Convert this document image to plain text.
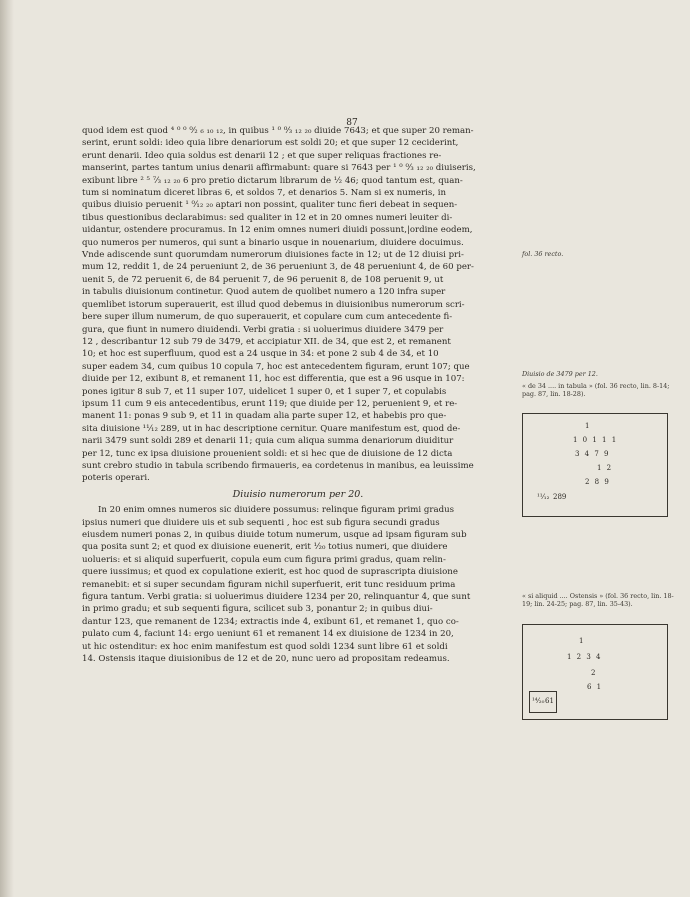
87

quod idem est quod ⁴ ⁰ ⁰ ⁰⁄₂ ₆ ₁₀ ₁₂, in quibus ¹ ⁰ ⁰⁄₃ ₁₂ ₂₀ diuide 7643; et que super 20 reman-

serint, erunt soldi: ideo quia libre denariorum est soldi 20; et que super 12 ceciderint,

erunt denarii. Ideo quia soldus est denarii 12 ; et que super reliquas fractiones re-

manserint, partes tantum unius denarii affirmabunt: quare si 7643 per ¹ ⁰ ⁰⁄₃ ₁₂ ₂₀ diuiseris,

exibunt libre ² ⁵ ⁷⁄₃ ₁₂ ₂₀ 6 pro pretio dictarum librarum de ¹⁄₂ 46; quod tantum est, quan-

tum si nominatum diceret libras 6, et soldos 7, et denarios 5. Nam si ex numeris, in

quibus diuisio peruenit ¹ ⁰⁄₁₂ ₂₀ aptari non possint, qualiter tunc fieri debeat in sequen-

tibus questionibus declarabimus: sed qualiter in 12 et in 20 omnes numeri leuiter di-

uidantur, ostendere procuramus. In 12 enim omnes numeri diuidi possunt,|ordine eodem,

quo numeros per numeros, qui sunt a binario usque in nouenarium, diuidere docuimus.

Vnde adiscende sunt quorumdam numerorum diuisiones facte in 12; ut de 12 diuisi pri-

mum 12, reddit 1, de 24 perueniunt 2, de 36 perueniunt 3, de 48 perueniunt 4, de 60 per-

uenit 5, de 72 peruenit 6, de 84 peruenit 7, de 96 peruenit 8, de 108 peruenit 9, ut

in tabulis diuisionum continetur. Quod autem de quolibet numero a 120 infra super

quemlibet istorum superauerit, est illud quod debemus in diuisionibus numerorum scri-

bere super illum numerum, de quo superauerit, et copulare cum cum antecedente fi-

gura, que fiunt in numero diuidendi. Verbi gratia : si uoluerimus diuidere 3479 per

12 , describantur 12 sub 79 de 3479, et accipiatur XII. de 34, que est 2, et remanent

10; et hoc est superfluum, quod est a 24 usque in 34: et pone 2 sub 4 de 34, et 10

super eadem 34, cum quibus 10 copula 7, hoc est antecedentem figuram, erunt 107; que

diuide per 12, exibunt 8, et remanent 11, hoc est differentia, que est a 96 usque in 107:

pones igitur 8 sub 7, et 11 super 107, uidelicet 1 super 0, et 1 super 7, et copulabis

ipsum 11 cum 9 eis antecedentibus, erunt 119; que diuide per 12, peruenient 9, et re-

manent 11: ponas 9 sub 9, et 11 in quadam alia parte super 12, et habebis pro que-

sita diuisione ¹¹⁄₁₂ 289, ut in hac descriptione cernitur. Quare manifestum est, quod de-

narii 3479 sunt soldi 289 et denarii 11; quia cum aliqua summa denariorum diuiditur

per 12, tunc ex ipsa diuisione prouenient soldi: et si hec que de diuisione de 12 dicta

sunt crebro studio in tabula scribendo firmaueris, ea cordetenus in manibus, ea leuissime

poteris operari.

Diuisio numerorum per 20.

In 20 enim omnes numeros sic diuidere possumus: relinque figuram primi gradus

ipsius numeri que diuidere uis et sub sequenti , hoc est sub figura secundi gradus

eiusdem numeri ponas 2, in quibus diuide totum numerum, usque ad ipsam figuram sub

qua posita sunt 2; et quod ex diuisione euenerit, erit ¹⁄₂₀ totius numeri, que diuidere

uolueris: et si aliquid superfuerit, copula eum cum figura primi gradus, quam relin-

quere iussimus; et quod ex copulatione exierit, est hoc quod de suprascripta diuisione

remanebit: et si super secundam figuram nichil superfuerit, erit tunc residuum prima

figura tantum. Verbi gratia: si uoluerimus diuidere 1234 per 20, relinquantur 4, que sunt

in primo gradu; et sub sequenti figura, scilicet sub 3, ponantur 2; in quibus diui-

dantur 123, que remanent de 1234; extractis inde 4, exibunt 61, et remanet 1, quo co-

pulato cum 4, faciunt 14: ergo ueniunt 61 et remanent 14 ex diuisione de 1234 in 20,

ut hic ostenditur: ex hoc enim manifestum est quod soldi 1234 sunt libre 61 et soldi

14. Ostensis itaque diuisionibus de 12 et de 20, nunc uero ad propositam redeamus.

fol. 36 recto.
Diuisio de 3479 per 12.
« de 34 .... in tabula » (fol. 36 recto, lin. 8-14; pag. 87, lin. 18-28).
1
1 0 1 1 1
3 4 7 9
1 2
2 8 9
¹¹⁄₁₂ 289
« si aliquid .... Ostensis » (fol. 36 recto, lin. 18-19; lin. 24-25; pag. 87, lin. 35-43).
1
1 2 3 4
2
6 1
¹⁴⁄₂₀ 61
